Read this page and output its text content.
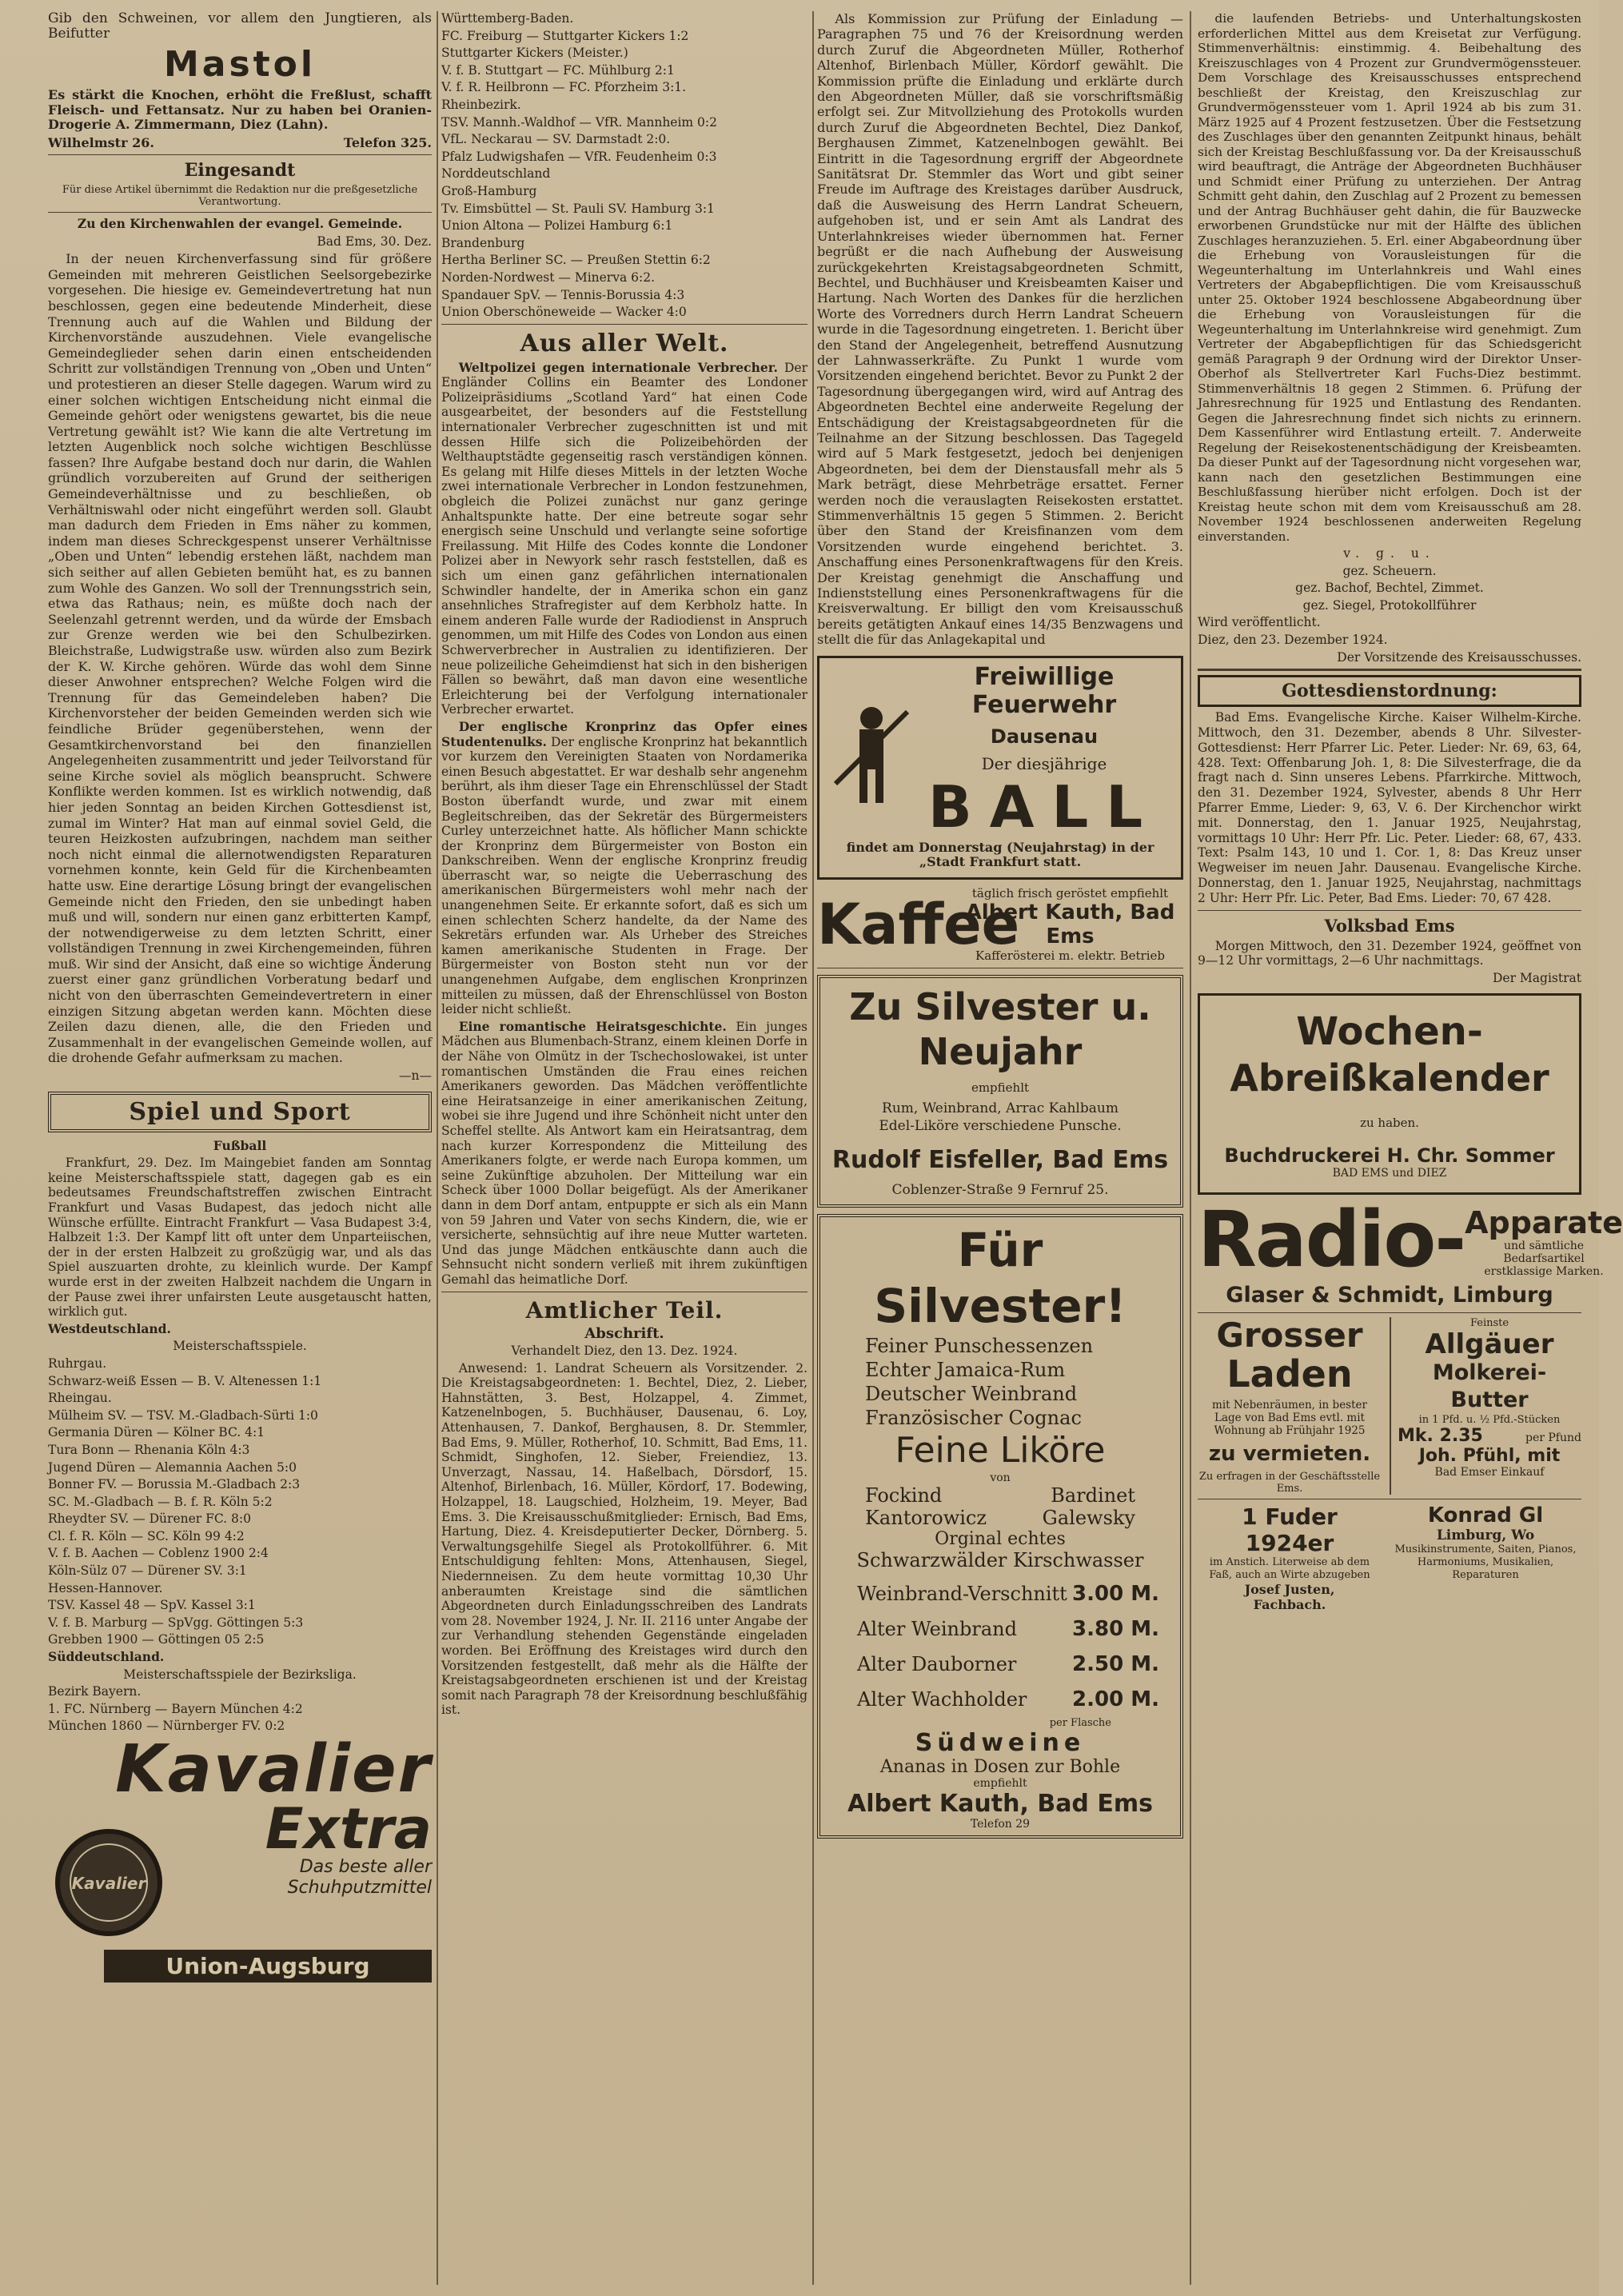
Gib den Schweinen, vor allem den Jungtieren, als Beifutter

Mastol

Es stärkt die Knochen, erhöht die Freßlust, schafft Fleisch- und Fettansatz. Nur zu haben bei Oranien-Drogerie A. Zimmermann, Diez (Lahn).

Wilhelmstr 26.	Telefon 325.
Eingesandt

Für diese Artikel übernimmt die Redaktion nur die preßgesetzliche Verantwortung.

Zu den Kirchenwahlen der evangel. Gemeinde.

Bad Ems, 30. Dez.

In der neuen Kirchenverfassung sind für größere Gemeinden mit mehreren Geistlichen Seelsorgebezirke vorgesehen. Die hiesige ev. Gemeindevertretung hat nun beschlossen, gegen eine bedeutende Minderheit, diese Trennung auch auf die Wahlen und Bildung der Kirchenvorstände auszudehnen. Viele evangelische Gemeindeglieder sehen darin einen entscheidenden Schritt zur vollständigen Trennung von „Oben und Unten“ und protestieren an dieser Stelle dagegen. Warum wird zu einer solchen wichtigen Entscheidung nicht einmal die Gemeinde gehört oder wenigstens gewartet, bis die neue Vertretung gewählt ist? Wie kann die alte Vertretung im letzten Augenblick noch solche wichtigen Beschlüsse fassen? Ihre Aufgabe bestand doch nur darin, die Wahlen gründlich vorzubereiten auf Grund der seitherigen Gemeindeverhältnisse und zu beschließen, ob Verhältniswahl oder nicht eingeführt werden soll. Glaubt man dadurch dem Frieden in Ems näher zu kommen, indem man dieses Schreckgespenst unserer Verhältnisse „Oben und Unten“ lebendig erstehen läßt, nachdem man sich seither auf allen Gebieten bemüht hat, es zu bannen zum Wohle des Ganzen. Wo soll der Trennungsstrich sein, etwa das Rathaus; nein, es müßte doch nach der Seelenzahl getrennt werden, und da würde der Emsbach zur Grenze werden wie bei den Schulbezirken. Bleichstraße, Ludwigstraße usw. würden also zum Bezirk der K. W. Kirche gehören. Würde das wohl dem Sinne dieser Anwohner entsprechen? Welche Folgen wird die Trennung für das Gemeindeleben haben? Die Kirchenvorsteher der beiden Gemeinden werden sich wie feindliche Brüder gegenüberstehen, wenn der Gesamtkirchenvorstand bei den finanziellen Angelegenheiten zusammentritt und jeder Teilvorstand für seine Kirche soviel als möglich beansprucht. Schwere Konflikte werden kommen. Ist es wirklich notwendig, daß hier jeden Sonntag an beiden Kirchen Gottesdienst ist, zumal im Winter? Hat man auf einmal soviel Geld, die teuren Heizkosten aufzubringen, nachdem man seither noch nicht einmal die allernotwendigsten Reparaturen vornehmen konnte, kein Geld für die Kirchenbeamten hatte usw. Eine derartige Lösung bringt der evangelischen Gemeinde nicht den Frieden, den sie unbedingt haben muß und will, sondern nur einen ganz erbitterten Kampf, der notwendigerweise zu dem letzten Schritt, einer vollständigen Trennung in zwei Kirchengemeinden, führen muß. Wir sind der Ansicht, daß eine so wichtige Änderung zuerst einer ganz gründlichen Vorberatung bedarf und nicht von den überraschten Gemeindevertretern in einer einzigen Sitzung abgetan werden kann. Möchten diese Zeilen dazu dienen, alle, die den Frieden und Zusammenhalt in der evangelischen Gemeinde wollen, auf die drohende Gefahr aufmerksam zu machen.

—n—

Spiel und Sport

Fußball

Frankfurt, 29. Dez. Im Maingebiet fanden am Sonntag keine Meisterschaftsspiele statt, dagegen gab es ein bedeutsames Freundschaftstreffen zwischen Eintracht Frankfurt und Vasas Budapest, das jedoch nicht alle Wünsche erfüllte. Eintracht Frankfurt — Vasa Budapest 3:4, Halbzeit 1:3. Der Kampf litt oft unter dem Unparteiischen, der in der ersten Halbzeit zu großzügig war, und als das Spiel auszuarten drohte, zu kleinlich wurde. Der Kampf wurde erst in der zweiten Halbzeit nachdem die Ungarn in der Pause zwei ihrer unfairsten Leute ausgetauscht hatten, wirklich gut.

Westdeutschland.

Meisterschaftsspiele.

Ruhrgau.

Schwarz-weiß Essen — B. V. Altenessen 1:1

Rheingau.

Mülheim SV. — TSV. M.-Gladbach-Sürti 1:0

Germania Düren — Kölner BC. 4:1

Tura Bonn — Rhenania Köln 4:3

Jugend Düren — Alemannia Aachen 5:0

Bonner FV. — Borussia M.-Gladbach 2:3

SC. M.-Gladbach — B. f. R. Köln 5:2

Rheydter SV. — Dürener FC. 8:0

Cl. f. R. Köln — SC. Köln 99 4:2

V. f. B. Aachen — Coblenz 1900 2:4

Köln-Sülz 07 — Dürener SV. 3:1

Hessen-Hannover.

TSV. Kassel 48 — SpV. Kassel 3:1

V. f. B. Marburg — SpVgg. Göttingen 5:3

Grebben 1900 — Göttingen 05 2:5

Süddeutschland.

Meisterschaftsspiele der Bezirksliga.

Bezirk Bayern.

1. FC. Nürnberg — Bayern München 4:2

München 1860 — Nürnberger FV. 0:2

Kavalier
Kavalier
Extra
Das beste aller Schuhputzmittel
Union-Augsburg

Württemberg-Baden.

FC. Freiburg — Stuttgarter Kickers 1:2

Stuttgarter Kickers (Meister.)

V. f. B. Stuttgart — FC. Mühlburg 2:1

V. f. R. Heilbronn — FC. Pforzheim 3:1.

Rheinbezirk.

TSV. Mannh.-Waldhof — VfR. Mannheim 0:2

VfL. Neckarau — SV. Darmstadt 2:0.

Pfalz Ludwigshafen — VfR. Feudenheim 0:3

Norddeutschland

Groß-Hamburg

Tv. Eimsbüttel — St. Pauli SV. Hamburg 3:1

Union Altona — Polizei Hamburg 6:1

Brandenburg

Hertha Berliner SC. — Preußen Stettin 6:2

Norden-Nordwest — Minerva 6:2.

Spandauer SpV. — Tennis-Borussia 4:3

Union Oberschöneweide — Wacker 4:0

Aus aller Welt.

Weltpolizei gegen internationale Verbrecher. Der Engländer Collins ein Beamter des Londoner Polizeipräsidiums „Scotland Yard“ hat einen Code ausgearbeitet, der besonders auf die Feststellung internationaler Verbrecher zugeschnitten ist und mit dessen Hilfe sich die Polizeibehörden der Welthauptstädte gegenseitig rasch verständigen können. Es gelang mit Hilfe dieses Mittels in der letzten Woche zwei internationale Verbrecher in London festzunehmen, obgleich die Polizei zunächst nur ganz geringe Anhaltspunkte hatte. Der eine betreute sogar sehr energisch seine Unschuld und verlangte seine sofortige Freilassung. Mit Hilfe des Codes konnte die Londoner Polizei aber in Newyork sehr rasch feststellen, daß es sich um einen ganz gefährlichen internationalen Schwindler handelte, der in Amerika schon ein ganz ansehnliches Strafregister auf dem Kerbholz hatte. In einem anderen Falle wurde der Radiodienst in Anspruch genommen, um mit Hilfe des Codes von London aus einen Schwerverbrecher in Australien zu identifizieren. Der neue polizeiliche Geheimdienst hat sich in den bisherigen Fällen so bewährt, daß man davon eine wesentliche Erleichterung bei der Verfolgung internationaler Verbrecher erwartet.

Der englische Kronprinz das Opfer eines Studentenulks. Der englische Kronprinz hat bekanntlich vor kurzem den Vereinigten Staaten von Nordamerika einen Besuch abgestattet. Er war deshalb sehr angenehm berührt, als ihm dieser Tage ein Ehrenschlüssel der Stadt Boston überfandt wurde, und zwar mit einem Begleitschreiben, das der Sekretär des Bürgermeisters Curley unterzeichnet hatte. Als höflicher Mann schickte der Kronprinz dem Bürgermeister von Boston ein Dankschreiben. Wenn der englische Kronprinz freudig überrascht war, so neigte die Ueberraschung des amerikanischen Bürgermeisters wohl mehr nach der unangenehmen Seite. Er erkannte sofort, daß es sich um einen schlechten Scherz handelte, da der Name des Sekretärs erfunden war. Als Urheber des Streiches kamen amerikanische Studenten in Frage. Der Bürgermeister von Boston steht nun vor der unangenehmen Aufgabe, dem englischen Kronprinzen mitteilen zu müssen, daß der Ehrenschlüssel von Boston leider nicht schließt.

Eine romantische Heiratsgeschichte. Ein junges Mädchen aus Blumenbach-Stranz, einem kleinen Dorfe in der Nähe von Olmütz in der Tschechoslowakei, ist unter romantischen Umständen die Frau eines reichen Amerikaners geworden. Das Mädchen veröffentlichte eine Heiratsanzeige in einer amerikanischen Zeitung, wobei sie ihre Jugend und ihre Schönheit nicht unter den Scheffel stellte. Als Antwort kam ein Heiratsantrag, dem nach kurzer Korrespondenz die Mitteilung des Amerikaners folgte, er werde nach Europa kommen, um seine Zukünftige abzuholen. Der Mitteilung war ein Scheck über 1000 Dollar beigefügt. Als der Amerikaner dann in dem Dorf antam, entpuppte er sich als ein Mann von 59 Jahren und Vater von sechs Kindern, die, wie er versicherte, sehnsüchtig auf ihre neue Mutter warteten. Und das junge Mädchen entkäuschte dann auch die Sehnsucht nicht sondern verließ mit ihrem zukünftigen Gemahl das heimatliche Dorf.

Amtlicher Teil.

Abschrift.

Verhandelt Diez, den 13. Dez. 1924.

Anwesend: 1. Landrat Scheuern als Vorsitzender. 2. Die Kreistagsabgeordneten: 1. Bechtel, Diez, 2. Lieber, Hahnstätten, 3. Best, Holzappel, 4. Zimmet, Katzenelnbogen, 5. Buchhäuser, Dausenau, 6. Loy, Attenhausen, 7. Dankof, Berghausen, 8. Dr. Stemmler, Bad Ems, 9. Müller, Rotherhof, 10. Schmitt, Bad Ems, 11. Schmidt, Singhofen, 12. Sieber, Freiendiez, 13. Unverzagt, Nassau, 14. Haßelbach, Dörsdorf, 15. Altenhof, Birlenbach, 16. Müller, Kördorf, 17. Bodewing, Holzappel, 18. Laugschied, Holzheim, 19. Meyer, Bad Ems. 3. Die Kreisausschußmitglieder: Ernisch, Bad Ems, Hartung, Diez. 4. Kreisdeputierter Decker, Dörnberg. 5. Verwaltungsgehilfe Siegel als Protokollführer. 6. Mit Entschuldigung fehlten: Mons, Attenhausen, Siegel, Niedernneisen. Zu dem heute vormittag 10,30 Uhr anberaumten Kreistage sind die sämtlichen Abgeordneten durch Einladungsschreiben des Landrats vom 28. November 1924, J. Nr. II. 2116 unter Angabe der zur Verhandlung stehenden Gegenstände eingeladen worden. Bei Eröffnung des Kreistages wird durch den Vorsitzenden festgestellt, daß mehr als die Hälfte der Kreistagsabgeordneten erschienen ist und der Kreistag somit nach Paragraph 78 der Kreisordnung beschlußfähig ist.

Als Kommission zur Prüfung der Einladung — Paragraphen 75 und 76 der Kreisordnung werden durch Zuruf die Abgeordneten Müller, Rotherhof Altenhof, Birlenbach Müller, Kördorf gewählt. Die Kommission prüfte die Einladung und erklärte durch den Abgeordneten Müller, daß sie vorschriftsmäßig erfolgt sei. Zur Mitvollziehung des Protokolls wurden durch Zuruf die Abgeordneten Bechtel, Diez Dankof, Berghausen Zimmet, Katzenelnbogen gewählt. Bei Eintritt in die Tagesordnung ergriff der Abgeordnete Sanitätsrat Dr. Stemmler das Wort und gibt seiner Freude im Auftrage des Kreistages darüber Ausdruck, daß die Ausweisung des Herrn Landrat Scheuern, aufgehoben ist, und er sein Amt als Landrat des Unterlahnkreises wieder übernommen hat. Ferner begrüßt er die nach Aufhebung der Ausweisung zurückgekehrten Kreistagsabgeordneten Schmitt, Bechtel, und Buchhäuser und Kreisbeamten Kaiser und Hartung. Nach Worten des Dankes für die herzlichen Worte des Vorredners durch Herrn Landrat Scheuern wurde in die Tagesordnung eingetreten. 1. Bericht über den Stand der Angelegenheit, betreffend Ausnutzung der Lahnwasserkräfte. Zu Punkt 1 wurde vom Vorsitzenden eingehend berichtet. Bevor zu Punkt 2 der Tagesordnung übergegangen wird, wird auf Antrag des Abgeordneten Bechtel eine anderweite Regelung der Entschädigung der Kreistagsabgeordneten für die Teilnahme an der Sitzung beschlossen. Das Tagegeld wird auf 5 Mark festgesetzt, jedoch bei denjenigen Abgeordneten, bei dem der Dienstausfall mehr als 5 Mark beträgt, diese Mehrbeträge ersattet. Ferner werden noch die verauslagten Reisekosten erstattet. Stimmenverhältnis 15 gegen 5 Stimmen. 2. Bericht über den Stand der Kreisfinanzen vom dem Vorsitzenden wurde eingehend berichtet. 3. Anschaffung eines Personenkraftwagens für den Kreis. Der Kreistag genehmigt die Anschaffung und Indienststellung eines Personenkraftwagens für die Kreisverwaltung. Er billigt den vom Kreisausschuß bereits getätigten Ankauf eines 14/35 Benzwagens und stellt die für das Anlagekapital und

Freiwillige Feuerwehr
Dausenau
Der diesjährige
BALL

findet am Donnerstag (Neujahrstag) in der „Stadt Frankfurt statt.

Kaffee
täglich frisch geröstet empfiehlt
Albert Kauth, Bad Ems
Kafferösterei m. elektr. Betrieb
Zu Silvester u. Neujahr
empfiehlt
Rum, Weinbrand, Arrac Kahlbaum Edel-Liköre verschiedene Punsche.
Rudolf Eisfeller, Bad Ems
Coblenzer-Straße 9 Fernruf 25.
Für Silvester!
Feiner Punschessenzen
Echter Jamaica-Rum
Deutscher Weinbrand
Französischer Cognac
Feine Liköre
von
Fockind	Bardinet
Kantorowicz	Galewsky
Orginal echtes
Schwarzwälder Kirschwasser
Weinbrand-Verschnitt 3.00 M.
Alter Weinbrand	3.80 M.
Alter Dauborner	2.50 M.
Alter Wachholder 2.00 M.
per Flasche
Südweine
Ananas in Dosen zur Bohle
empfiehlt
Albert Kauth, Bad Ems
Telefon 29

die laufenden Betriebs- und Unterhaltungskosten erforderlichen Mittel aus dem Kreisetat zur Verfügung. Stimmenverhältnis: einstimmig. 4. Beibehaltung des Kreiszuschlages von 4 Prozent zur Grundvermögenssteuer. Dem Vorschlage des Kreisausschusses entsprechend beschließt der Kreistag, den Kreiszuschlag zur Grundvermögenssteuer vom 1. April 1924 ab bis zum 31. März 1925 auf 4 Prozent festzusetzen. Über die Festsetzung des Zuschlages über den genannten Zeitpunkt hinaus, behält sich der Kreistag Beschlußfassung vor. Da der Kreisausschuß wird beauftragt, die Anträge der Abgeordneten Buchhäuser und Schmidt einer Prüfung zu unterziehen. Der Antrag Schmitt geht dahin, den Zuschlag auf 2 Prozent zu bemessen und der Antrag Buchhäuser geht dahin, die für Bauzwecke erworbenen Grundstücke nur mit der Hälfte des üblichen Zuschlages heranzuziehen. 5. Erl. einer Abgabeordnung über die Erhebung von Vorausleistungen für die Wegeunterhaltung im Unterlahnkreis und Wahl eines Vertreters der Abgabepflichtigen. Die vom Kreisausschuß unter 25. Oktober 1924 beschlossene Abgabeordnung über die Erhebung von Vorausleistungen für die Wegeunterhaltung im Unterlahnkreise wird genehmigt. Zum Vertreter der Abgabepflichtigen für das Schiedsgericht gemäß Paragraph 9 der Ordnung wird der Direktor Unser-Oberhof als Stellvertreter Karl Fuchs-Diez bestimmt. Stimmenverhältnis 18 gegen 2 Stimmen. 6. Prüfung der Jahresrechnung für 1925 und Entlastung des Rendanten. Gegen die Jahresrechnung findet sich nichts zu erinnern. Dem Kassenführer wird Entlastung erteilt. 7. Anderweite Regelung der Reisekostenentschädigung der Kreisbeamten. Da dieser Punkt auf der Tagesordnung nicht vorgesehen war, kann nach den gesetzlichen Bestimmungen eine Beschlußfassung hierüber nicht erfolgen. Doch ist der Kreistag heute schon mit dem vom Kreisausschuß am 28. November 1924 beschlossenen anderweiten Regelung einverstanden.

v. g. u.

gez. Scheuern.

gez. Bachof, Bechtel, Zimmet.

gez. Siegel, Protokollführer

Wird veröffentlicht.

Diez, den 23. Dezember 1924.

Der Vorsitzende des Kreisausschusses.

Gottesdienstordnung:

Bad Ems. Evangelische Kirche. Kaiser Wilhelm-Kirche. Mittwoch, den 31. Dezember, abends 8 Uhr. Silvester-Gottesdienst: Herr Pfarrer Lic. Peter. Lieder: Nr. 69, 63, 64, 428. Text: Offenbarung Joh. 1, 8: Die Silvesterfrage, die da fragt nach d. Sinn unseres Lebens. Pfarrkirche. Mittwoch, den 31. Dezember 1924, Sylvester, abends 8 Uhr Herr Pfarrer Emme, Lieder: 9, 63, V. 6. Der Kirchenchor wirkt mit. Donnerstag, den 1. Januar 1925, Neujahrstag, vormittags 10 Uhr: Herr Pfr. Lic. Peter. Lieder: 68, 67, 433. Text: Psalm 143, 10 und 1. Cor. 1, 8: Das Kreuz unser Wegweiser im neuen Jahr. Dausenau. Evangelische Kirche. Donnerstag, den 1. Januar 1925, Neujahrstag, nachmittags 2 Uhr: Herr Pfr. Lic. Peter, Bad Ems. Lieder: 70, 67 428.

Volksbad Ems

Morgen Mittwoch, den 31. Dezember 1924, geöffnet von 9—12 Uhr vormittags, 2—6 Uhr nachmittags.

Der Magistrat

Wochen-
Abreißkalender
zu haben.
Buchdruckerei H. Chr. Sommer
BAD EMS und DIEZ
Radio- Apparate
und sämtliche Bedarfsartikel
erstklassige Marken.
Glaser & Schmidt, Limburg
Grosser
Laden
mit Nebenräumen, in bester Lage von Bad Ems evtl. mit Wohnung ab Frühjahr 1925
zu vermieten.
Zu erfragen in der Geschäftsstelle Ems.
Feinste
Allgäuer
Molkerei-Butter
in 1 Pfd. u. ½ Pfd.-Stücken
Mk. 2.35	per Pfund
Joh. Pfühl, mit
Bad Emser Einkauf
1 Fuder 1924er
im Anstich. Literweise ab dem Faß, auch an Wirte abzugeben
Josef Justen,
Fachbach.
Konrad Gl
Limburg, Wo
Musikinstrumente, Saiten, Pianos, Harmoniums, Musikalien, Reparaturen
